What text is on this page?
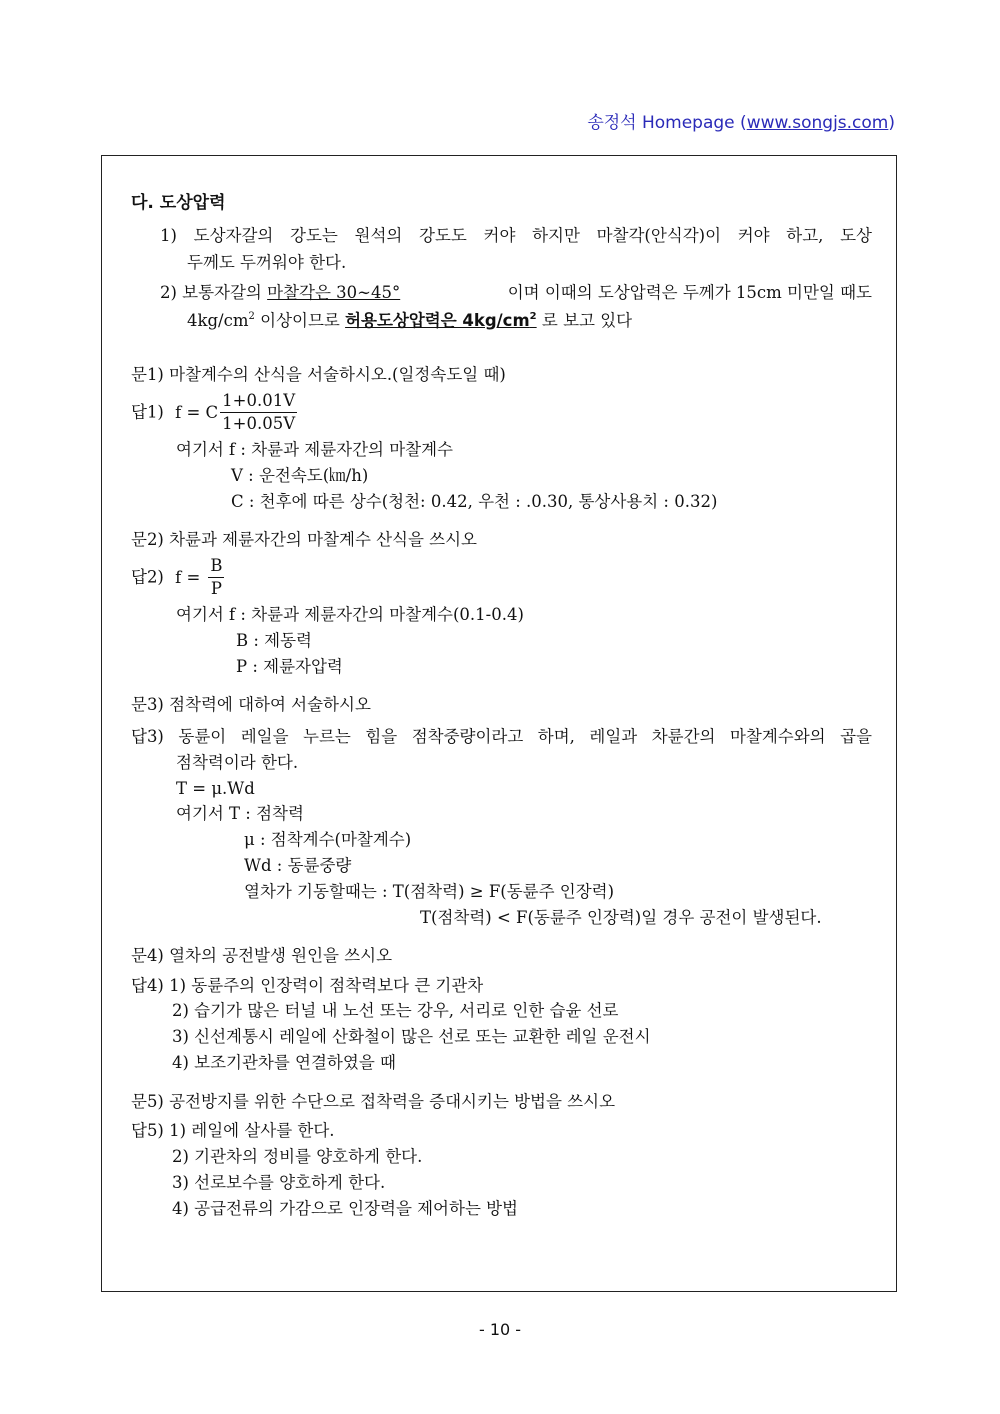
송정석 Homepage (www.songjs.com)
다. 도상압력
1) 도상자갈의 강도는 원석의 강도도 커야 하지만 마찰각(안식각)이 커야 하고, 도상
두께도 두꺼워야 한다.
2) 보통자갈의 마찰각은 30∼45°	이며 이때의 도상압력은 두께가 15cm 미만일 때도
$4kg/cm^2$ 이상이므로 허용도상압력은 $4kg/cm^2$ 로 보고 있다
문1) 마찰계수의 산식을 서술하시오.(일정속도일 때)
답1) f = C $\frac{1+0.01V}{1+0.05V}$
여기서 f : 차륜과 제륜자간의 마찰계수
V : 운전속도(㎞/h)
C : 천후에 따른 상수(청천: 0.42, 우천 : .0.30, 통상사용치 : 0.32)
문2) 차륜과 제륜자간의 마찰계수 산식을 쓰시오
답2) $f = \frac{B}{P}$
여기서 f : 차륜과 제륜자간의 마찰계수(0.1-0.4)
B : 제동력
P : 제륜자압력
문3) 점착력에 대하여 서술하시오
답3) 동륜이 레일을 누르는 힘을 점착중량이라고 하며, 레일과 차륜간의 마찰계수와의 곱을
점착력이라 한다.
T = μ.Wd
여기서 T : 점착력
μ : 점착계수(마찰계수)
Wd : 동륜중량
열차가 기동할때는 : T(점착력) ≥ F(동륜주 인장력)
T(점착력) < F(동륜주 인장력)일 경우 공전이 발생된다.
문4) 열차의 공전발생 원인을 쓰시오
답4) 1) 동륜주의 인장력이 점착력보다 큰 기관차
2) 습기가 많은 터널 내 노선 또는 강우, 서리로 인한 습윤 선로
3) 신선계통시 레일에 산화철이 많은 선로 또는 교환한 레일 운전시
4) 보조기관차를 연결하였을 때
문5) 공전방지를 위한 수단으로 접착력을 증대시키는 방법을 쓰시오
답5) 1) 레일에 살사를 한다.
2) 기관차의 정비를 양호하게 한다.
3) 선로보수를 양호하게 한다.
4) 공급전류의 가감으로 인장력을 제어하는 방법
- 10 -
